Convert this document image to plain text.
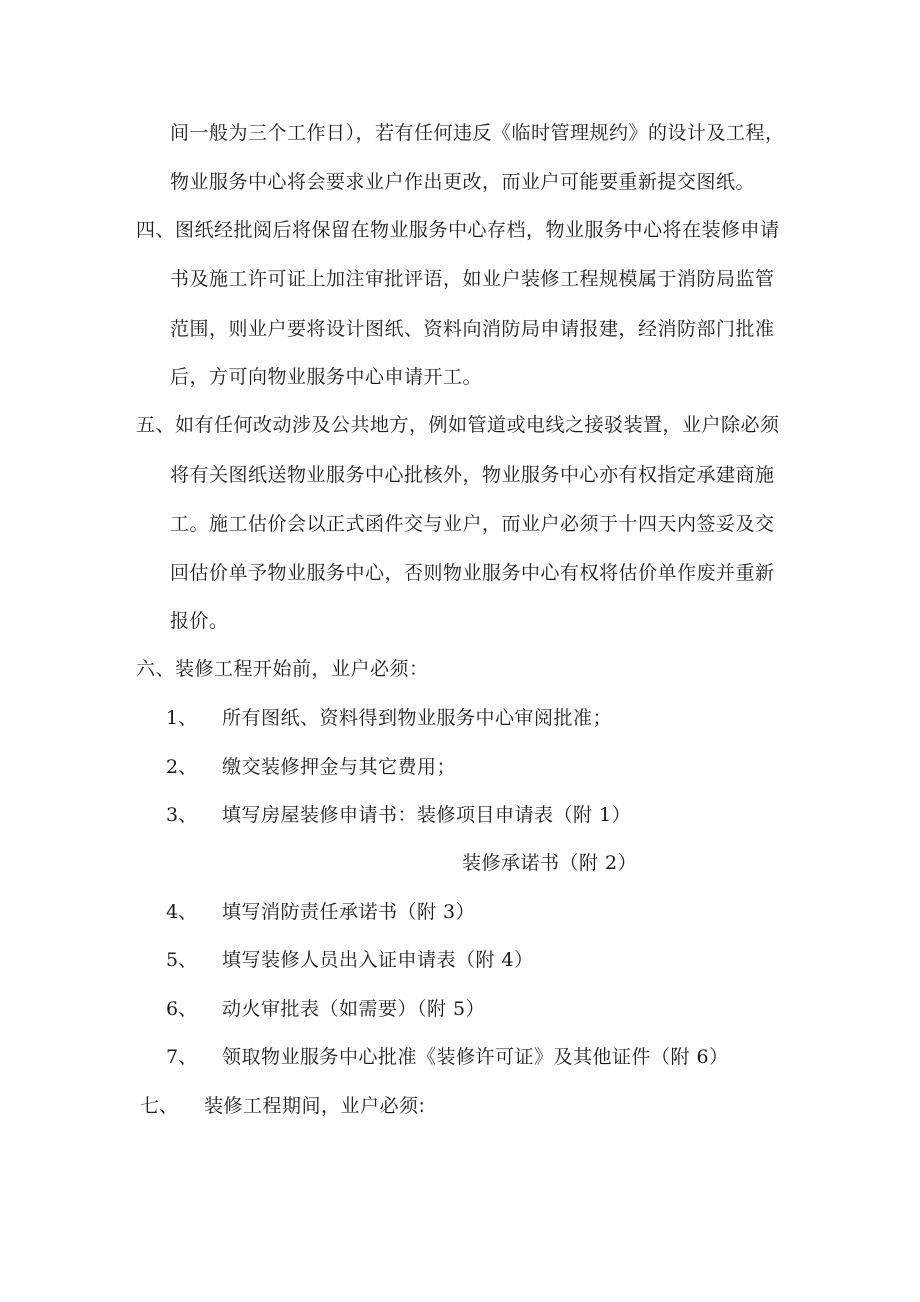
间一般为三个工作日），若有任何违反《临时管理规约》的设计及工程，
物业服务中心将会要求业户作出更改，而业户可能要重新提交图纸。
四、图纸经批阅后将保留在物业服务中心存档，物业服务中心将在装修申请
书及施工许可证上加注审批评语，如业户装修工程规模属于消防局监管
范围，则业户要将设计图纸、资料向消防局申请报建，经消防部门批准
后，方可向物业服务中心申请开工。
五、如有任何改动涉及公共地方，例如管道或电线之接驳装置，业户除必须
将有关图纸送物业服务中心批核外，物业服务中心亦有权指定承建商施
工。施工估价会以正式函件交与业户，而业户必须于十四天内签妥及交
回估价单予物业服务中心，否则物业服务中心有权将估价单作废并重新
报价。
六、装修工程开始前，业户必须：
1、 所有图纸、资料得到物业服务中心审阅批准；
2、 缴交装修押金与其它费用；
3、 填写房屋装修申请书：装修项目申请表（附 1）
装修承诺书（附 2）
4、 填写消防责任承诺书（附 3）
5、 填写装修人员出入证申请表（附 4）
6、 动火审批表（如需要）（附 5）
7、 领取物业服务中心批准《装修许可证》及其他证件（附 6）
七、 装修工程期间，业户必须:
